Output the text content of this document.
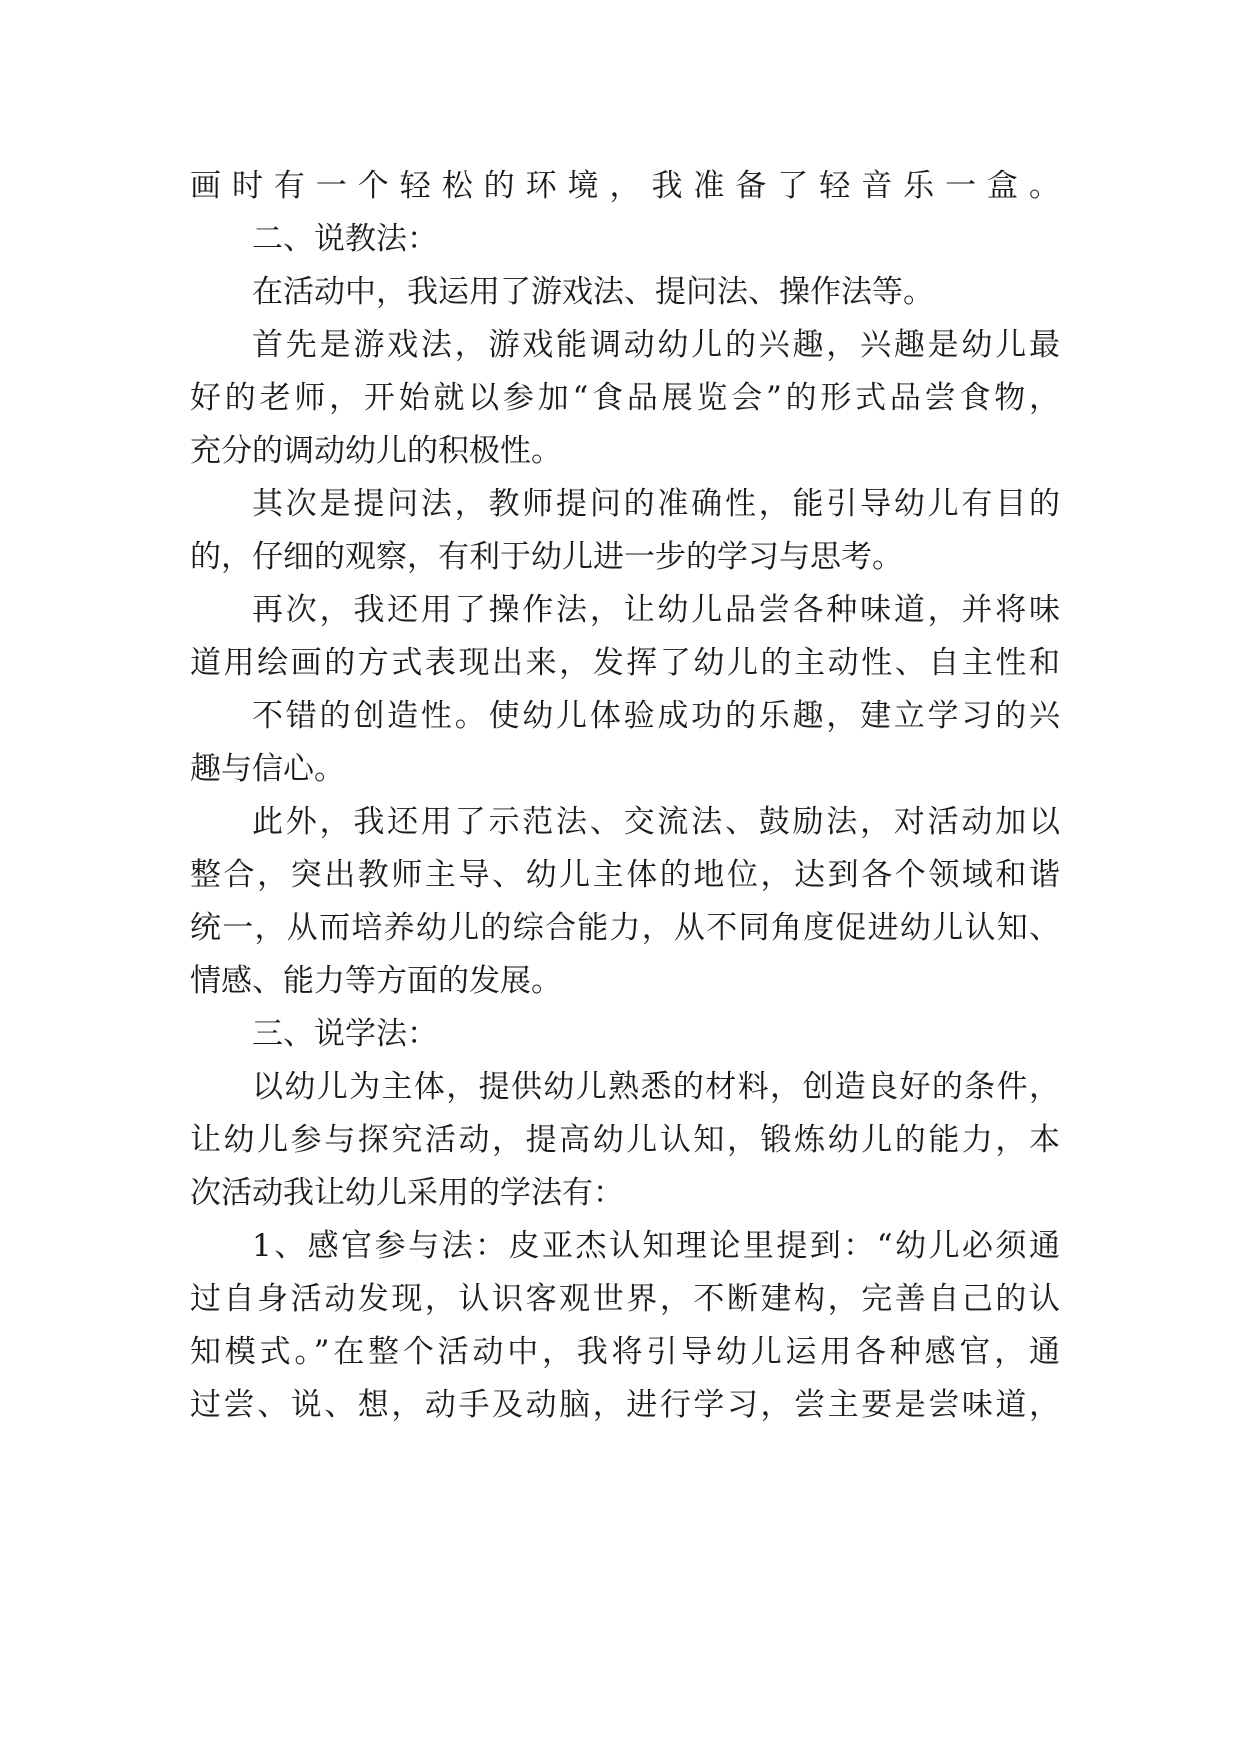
画时有一个轻松的环境，我准备了轻音乐一盒。

二、说教法：

在活动中，我运用了游戏法、提问法、操作法等。

首先是游戏法，游戏能调动幼儿的兴趣，兴趣是幼儿最

好的老师，开始就以参加“食品展览会”的形式品尝食物，

充分的调动幼儿的积极性。

其次是提问法，教师提问的准确性，能引导幼儿有目的

的，仔细的观察，有利于幼儿进一步的学习与思考。

再次，我还用了操作法，让幼儿品尝各种味道，并将味

道用绘画的方式表现出来，发挥了幼儿的主动性、自主性和

不错的创造性。使幼儿体验成功的乐趣，建立学习的兴

趣与信心。

此外，我还用了示范法、交流法、鼓励法，对活动加以

整合，突出教师主导、幼儿主体的地位，达到各个领域和谐

统一，从而培养幼儿的综合能力，从不同角度促进幼儿认知、

情感、能力等方面的发展。

三、说学法：

以幼儿为主体，提供幼儿熟悉的材料，创造良好的条件，

让幼儿参与探究活动，提高幼儿认知，锻炼幼儿的能力，本

次活动我让幼儿采用的学法有：

1、感官参与法：皮亚杰认知理论里提到：“幼儿必须通

过自身活动发现，认识客观世界，不断建构，完善自己的认

知模式。”在整个活动中，我将引导幼儿运用各种感官，通

过尝、说、想，动手及动脑，进行学习，尝主要是尝味道，
